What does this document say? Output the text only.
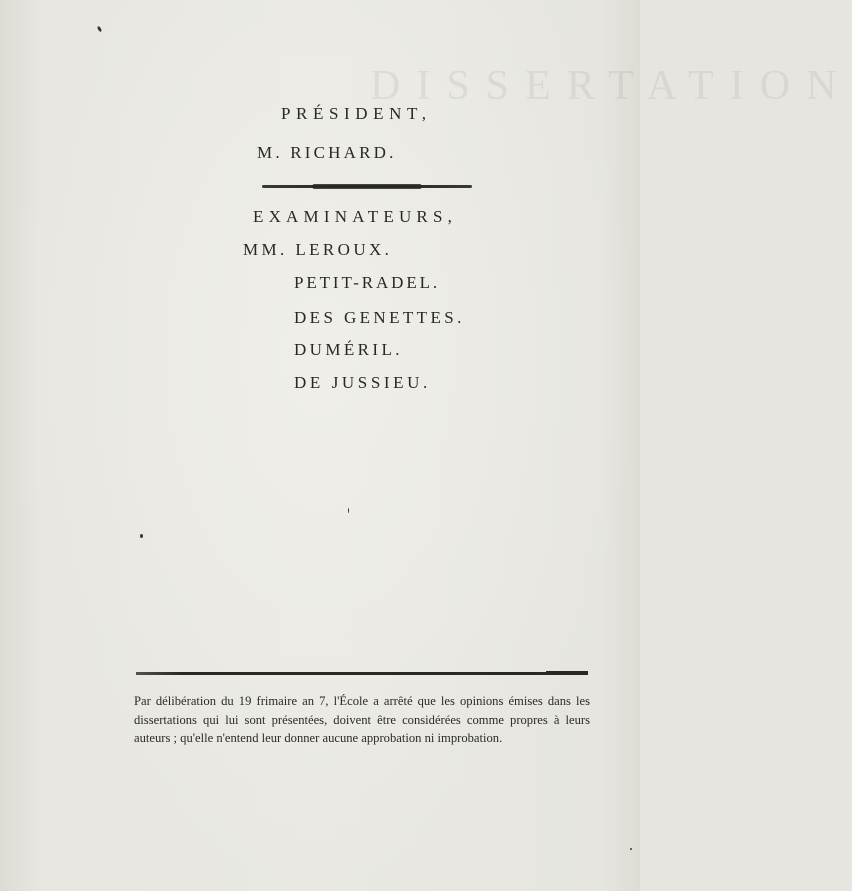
DISSERTATION
PRÉSIDENT,
M. RICHARD.
EXAMINATEURS,
MM. LEROUX.
PETIT-RADEL.
DES GENETTES.
DUMÉRIL.
DE JUSSIEU.
Par délibération du 19 frimaire an 7, l'École a arrêté que les opinions émises dans les dissertations qui lui sont présentées, doivent être considérées comme propres à leurs auteurs ; qu'elle n'entend leur donner aucune approbation ni improbation.
